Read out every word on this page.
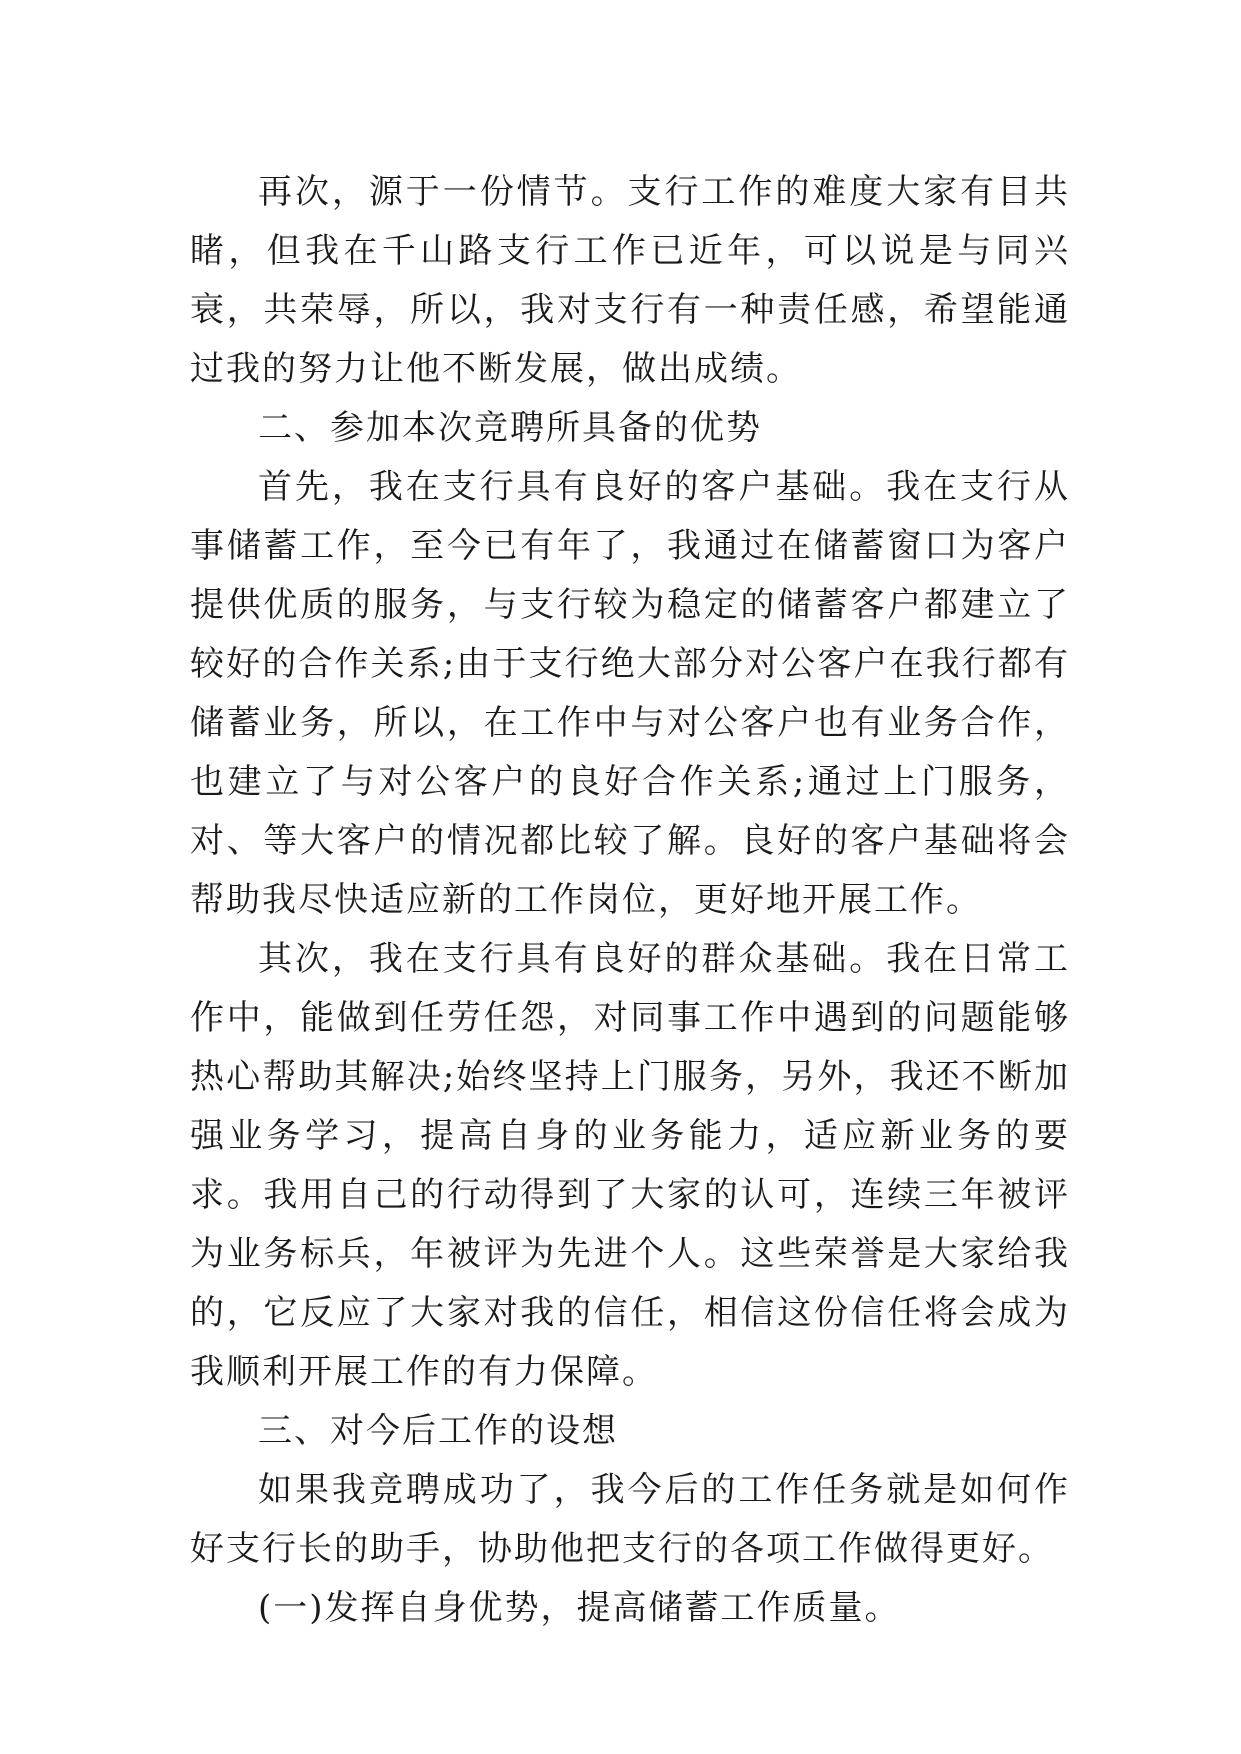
再次，源于一份情节。支行工作的难度大家有目共睹，但我在千山路支行工作已近年，可以说是与同兴衰，共荣辱，所以，我对支行有一种责任感，希望能通过我的努力让他不断发展，做出成绩。

二、参加本次竞聘所具备的优势

首先，我在支行具有良好的客户基础。我在支行从事储蓄工作，至今已有年了，我通过在储蓄窗口为客户提供优质的服务，与支行较为稳定的储蓄客户都建立了较好的合作关系;由于支行绝大部分对公客户在我行都有储蓄业务，所以，在工作中与对公客户也有业务合作，也建立了与对公客户的良好合作关系;通过上门服务，对、等大客户的情况都比较了解。良好的客户基础将会帮助我尽快适应新的工作岗位，更好地开展工作。

其次，我在支行具有良好的群众基础。我在日常工作中，能做到任劳任怨，对同事工作中遇到的问题能够热心帮助其解决;始终坚持上门服务，另外，我还不断加强业务学习，提高自身的业务能力，适应新业务的要求。我用自己的行动得到了大家的认可，连续三年被评为业务标兵，年被评为先进个人。这些荣誉是大家给我的，它反应了大家对我的信任，相信这份信任将会成为我顺利开展工作的有力保障。

三、对今后工作的设想

如果我竞聘成功了，我今后的工作任务就是如何作好支行长的助手，协助他把支行的各项工作做得更好。

(一)发挥自身优势，提高储蓄工作质量。
